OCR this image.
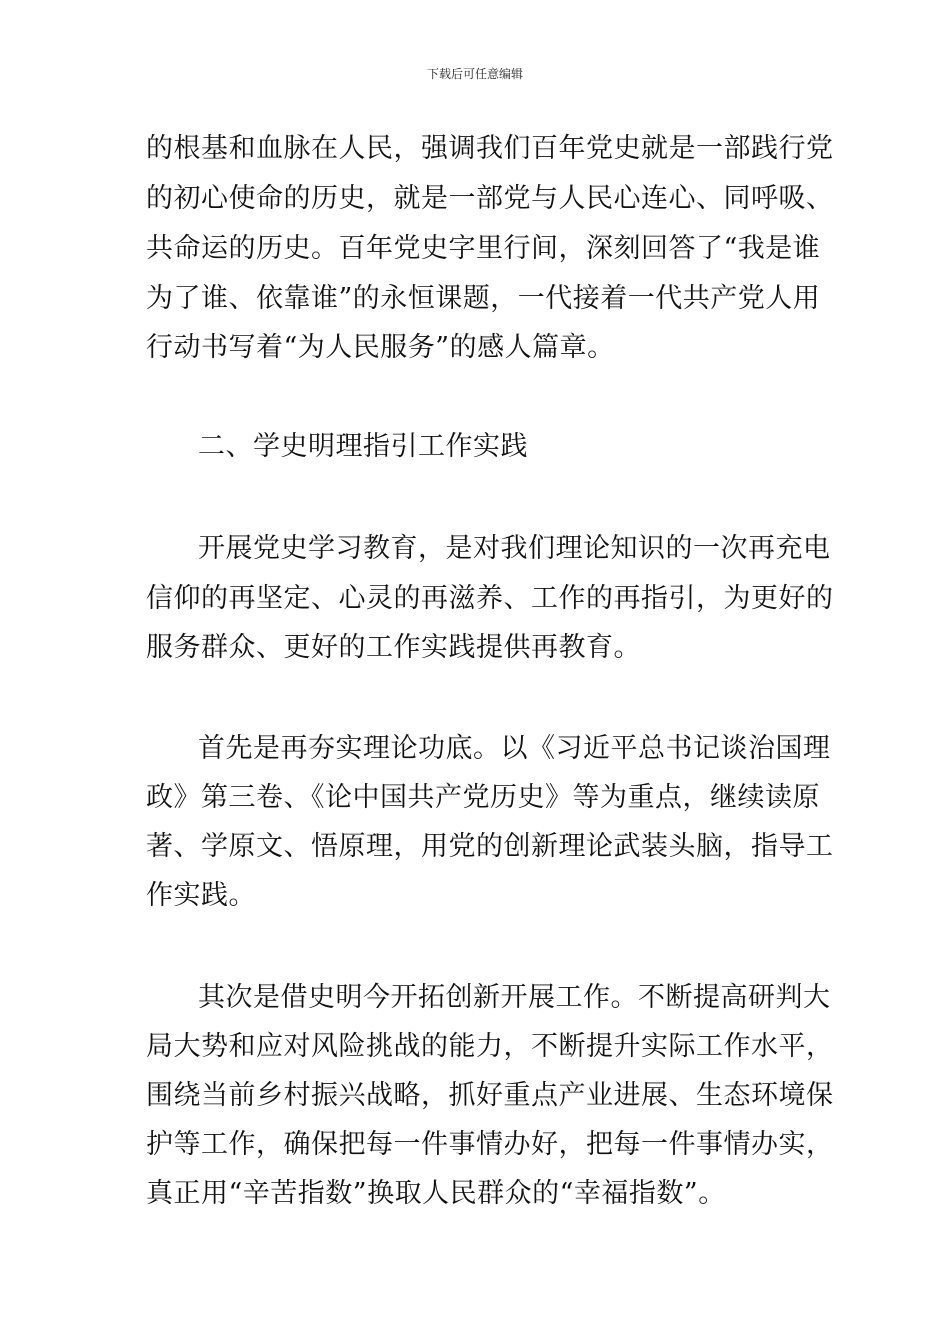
下载后可任意编辑
的根基和血脉在人民，强调我们百年党史就是一部践行党
的初心使命的历史，就是一部党与人民心连心、同呼吸、
共命运的历史。百年党史字里行间，深刻回答了“我是谁
为了谁、依靠谁”的永恒课题，一代接着一代共产党人用
行动书写着“为人民服务”的感人篇章。
二、学史明理指引工作实践
开展党史学习教育，是对我们理论知识的一次再充电
信仰的再坚定、心灵的再滋养、工作的再指引，为更好的
服务群众、更好的工作实践提供再教育。
首先是再夯实理论功底。以《习近平总书记谈治国理
政》第三卷、《论中国共产党历史》等为重点，继续读原
著、学原文、悟原理，用党的创新理论武装头脑，指导工
作实践。
其次是借史明今开拓创新开展工作。不断提高研判大
局大势和应对风险挑战的能力，不断提升实际工作水平，
围绕当前乡村振兴战略，抓好重点产业进展、生态环境保
护等工作，确保把每一件事情办好，把每一件事情办实，
真正用“辛苦指数”换取人民群众的“幸福指数”。
